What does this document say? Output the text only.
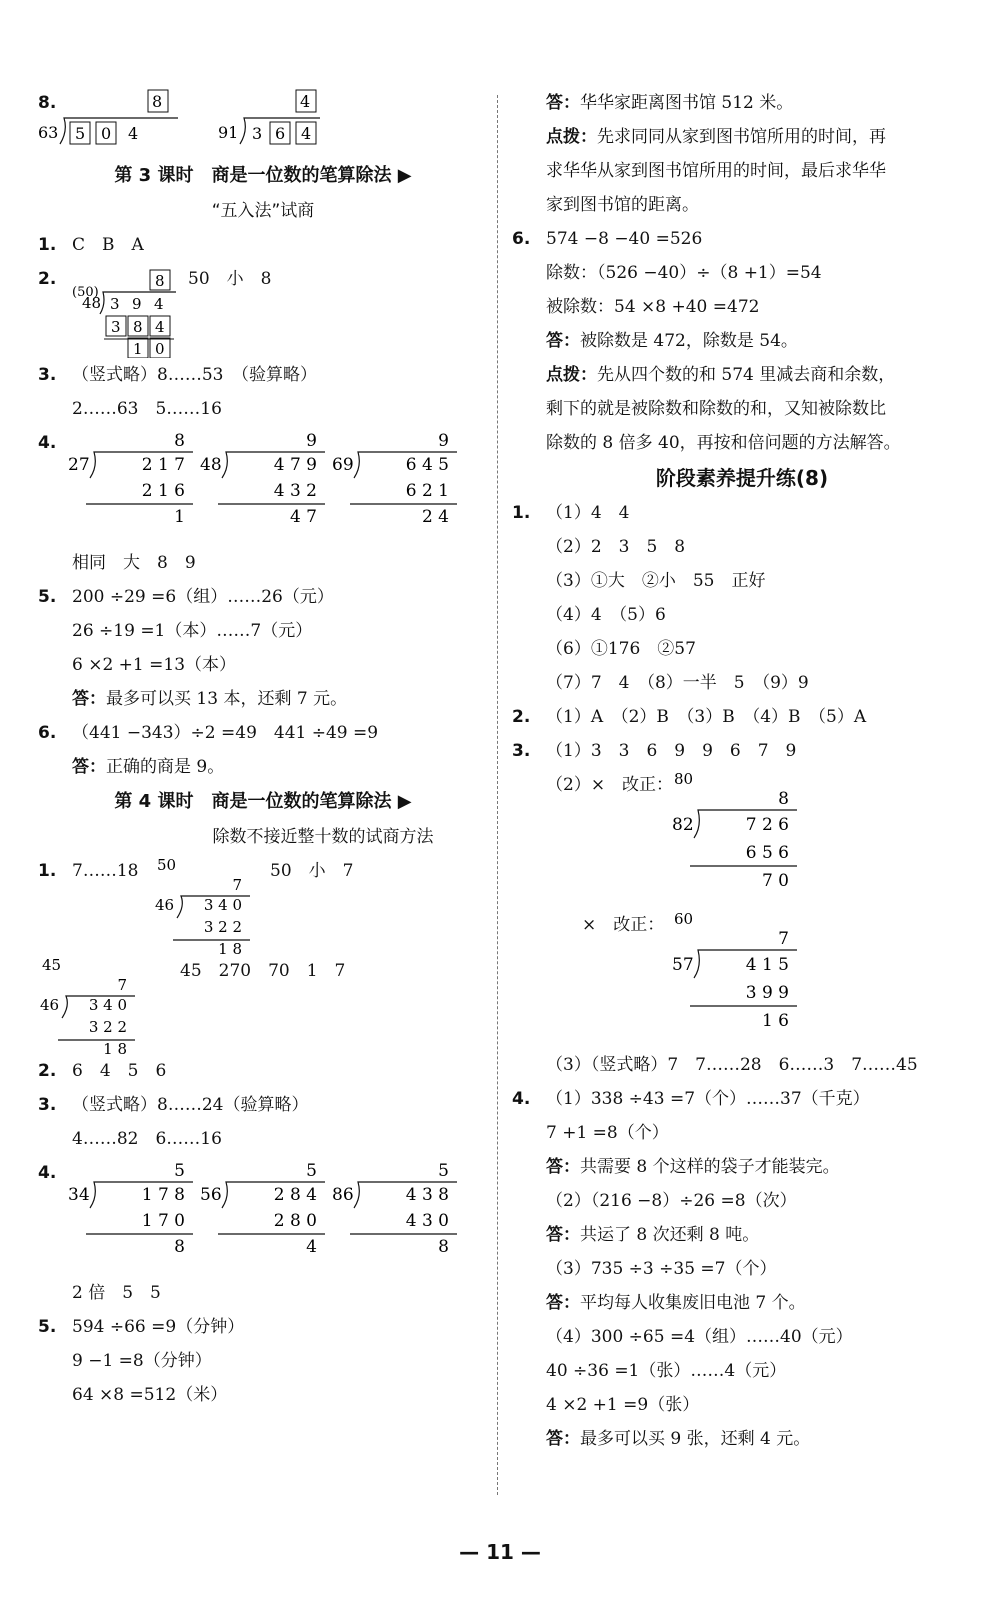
8.	8
63 5 0 4
4
91 3 6 4
第 3 课时　商是一位数的笔算除法 ▶
“五入法”试商
1. C　B　A
2.
(50)
48
8
3 9 4
3 8 4
1 0
50　小　8
3. （竖式略）8……53　（验算略）
2……63　5……16
4.	8
27	2 1 7
2 1 6
1
9
48	4 7 9
4 3 2
4 7
9
69	6 4 5
6 2 1
2 4
相同　大　8　9
5. 200 ÷29 =6（组）……26（元）
26 ÷19 =1（本）……7（元）
6 ×2 +1 =13（本）
答：最多可以买 13 本，还剩 7 元。
6. （441 −343）÷2 =49　441 ÷49 =9
答：正确的商是 9。
第 4 课时　商是一位数的笔算除法 ▶
除数不接近整十数的试商方法
1. 7……18 50
7
46 3 4 0
3 2 2
1 8
50　小　7
45
7
46 3 4 0
3 2 2
1 8
45　270　70　1　7
2. 6　4　5　6
3. （竖式略）8……24（验算略）
4……82　6……16
4.	5
34	1 7 8
1 7 0
8
5
56	2 8 4
2 8 0
4
5
86	4 3 8
4 3 0
8
2 倍　5　5
5. 594 ÷66 =9（分钟）
9 −1 =8（分钟）
64 ×8 =512（米）
答：华华家距离图书馆 512 米。
点拨：先求同同从家到图书馆所用的时间，再
求华华从家到图书馆所用的时间，最后求华华
家到图书馆的距离。
6. 574 −8 −40 =526
除数：（526 −40）÷（8 +1）=54
被除数：54 ×8 +40 =472
答：被除数是 472，除数是 54。
点拨：先从四个数的和 574 里减去商和余数，
剩下的就是被除数和除数的和，又知被除数比
除数的 8 倍多 40，再按和倍问题的方法解答。
阶段素养提升练(8)
1. （1）4　4
（2）2　3　5　8
（3）①大　②小　55　正好
（4）4　（5）6
（6）①176　②57
（7）7　4　（8）一半　5　（9）9
2. （1）A　（2）B　（3）B　（4）B　（5）A
3. （1）3　3　6　9　9　6　7　9
（2）×　改正： 80
8
82	7 2 6
6 5 6
7 0
×　改正： 60
7
57	4 1 5
3 9 9
1 6
（3）（竖式略）7　7……28　6……3　7……45
4. （1）338 ÷43 =7（个）……37（千克）
7 +1 =8（个）
答：共需要 8 个这样的袋子才能装完。
（2）（216 −8）÷26 =8（次）
答：共运了 8 次还剩 8 吨。
（3）735 ÷3 ÷35 =7（个）
答：平均每人收集废旧电池 7 个。
（4）300 ÷65 =4（组）……40（元）
40 ÷36 =1（张）……4（元）
4 ×2 +1 =9（张）
答：最多可以买 9 张，还剩 4 元。
— 11 —
